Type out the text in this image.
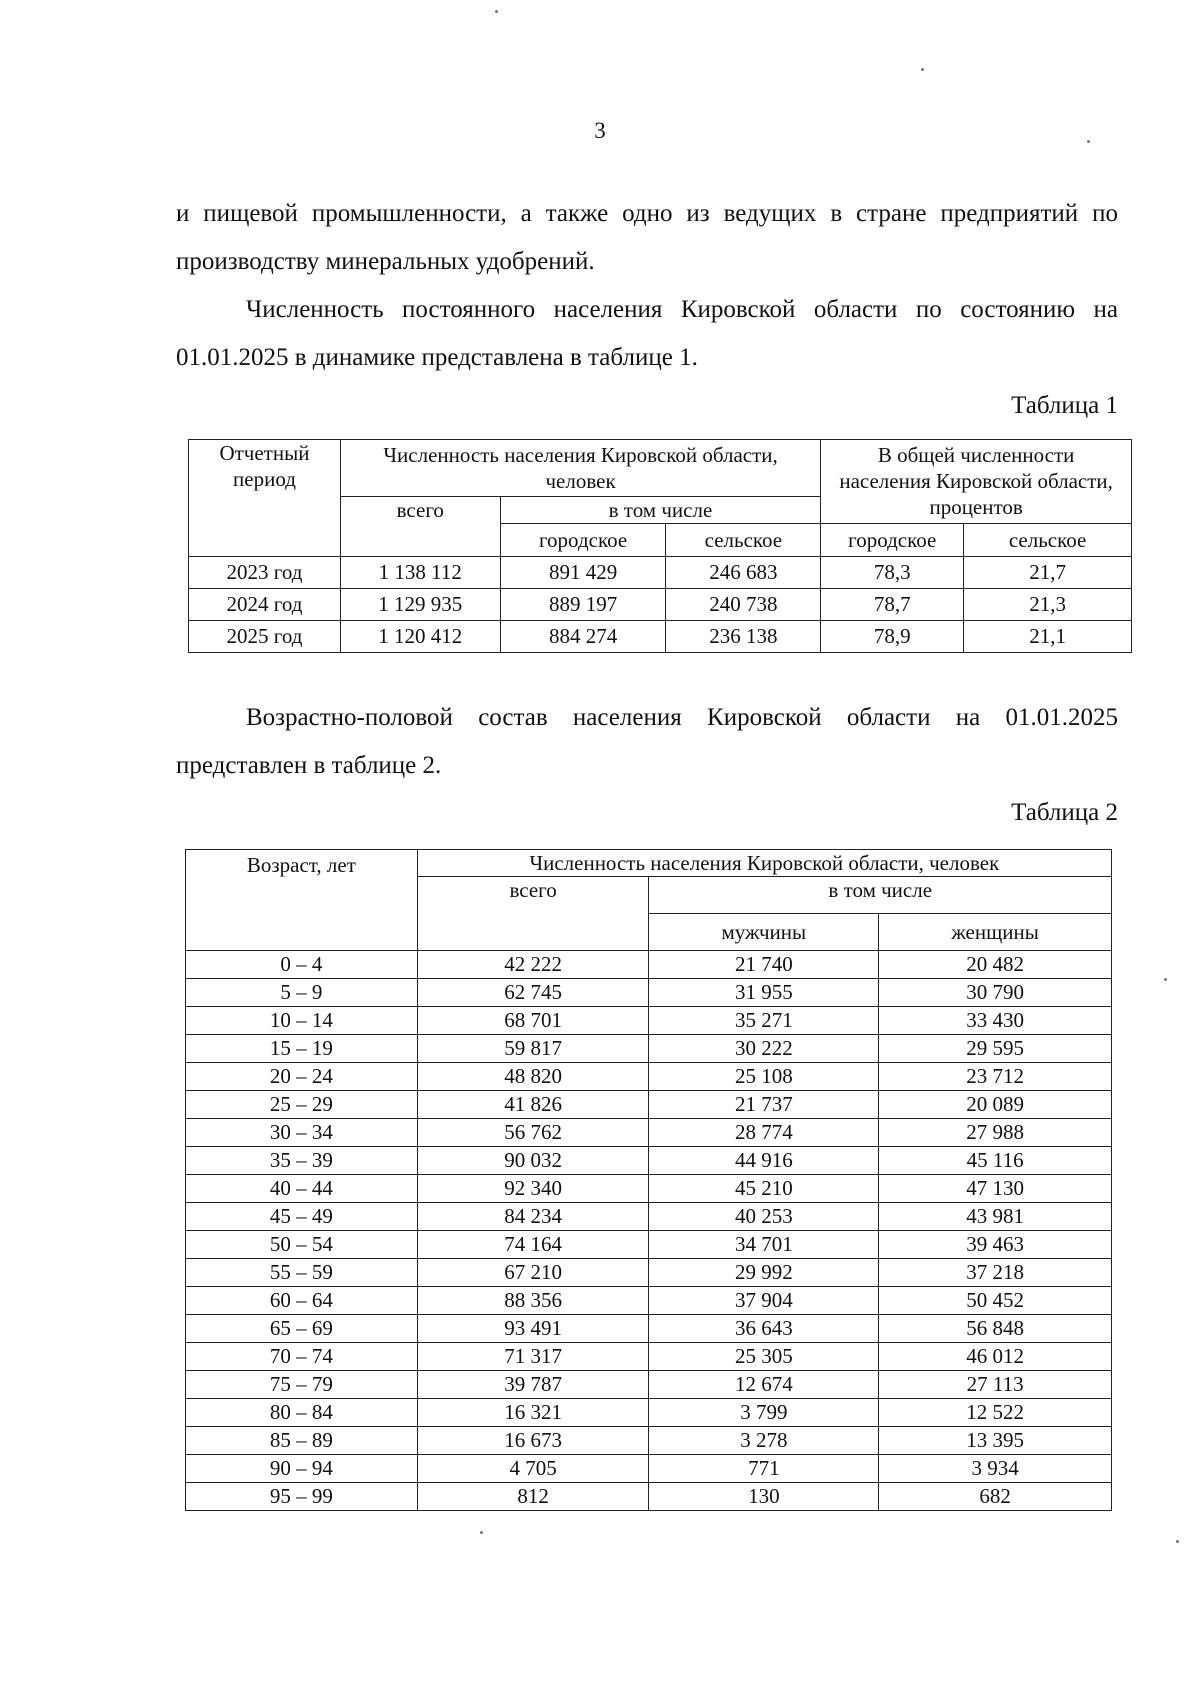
3

и пищевой промышленности, а также одно из ведущих в стране предприятий по производству минеральных удобрений.

Численность постоянного населения Кировской области по состоянию на 01.01.2025 в динамике представлена в таблице 1.

Таблица 1
Отчетный период	Численность населения Кировской области, человек			В общей численности населения Кировской области, процентов	
	всего	в том числе			
		городское	сельское	городское	сельское
2023 год	1 138 112	891 429	246 683	78,3	21,7
2024 год	1 129 935	889 197	240 738	78,7	21,3
2025 год	1 120 412	884 274	236 138	78,9	21,1

Возрастно-половой состав населения Кировской области на 01.01.2025 представлен в таблице 2.

Таблица 2
Возраст, лет	Численность населения Кировской области, человек		
	всего	в том числе	
		мужчины	женщины
0 – 4	42 222	21 740	20 482
5 – 9	62 745	31 955	30 790
10 – 14	68 701	35 271	33 430
15 – 19	59 817	30 222	29 595
20 – 24	48 820	25 108	23 712
25 – 29	41 826	21 737	20 089
30 – 34	56 762	28 774	27 988
35 – 39	90 032	44 916	45 116
40 – 44	92 340	45 210	47 130
45 – 49	84 234	40 253	43 981
50 – 54	74 164	34 701	39 463
55 – 59	67 210	29 992	37 218
60 – 64	88 356	37 904	50 452
65 – 69	93 491	36 643	56 848
70 – 74	71 317	25 305	46 012
75 – 79	39 787	12 674	27 113
80 – 84	16 321	3 799	12 522
85 – 89	16 673	3 278	13 395
90 – 94	4 705	771	3 934
95 – 99	812	130	682
